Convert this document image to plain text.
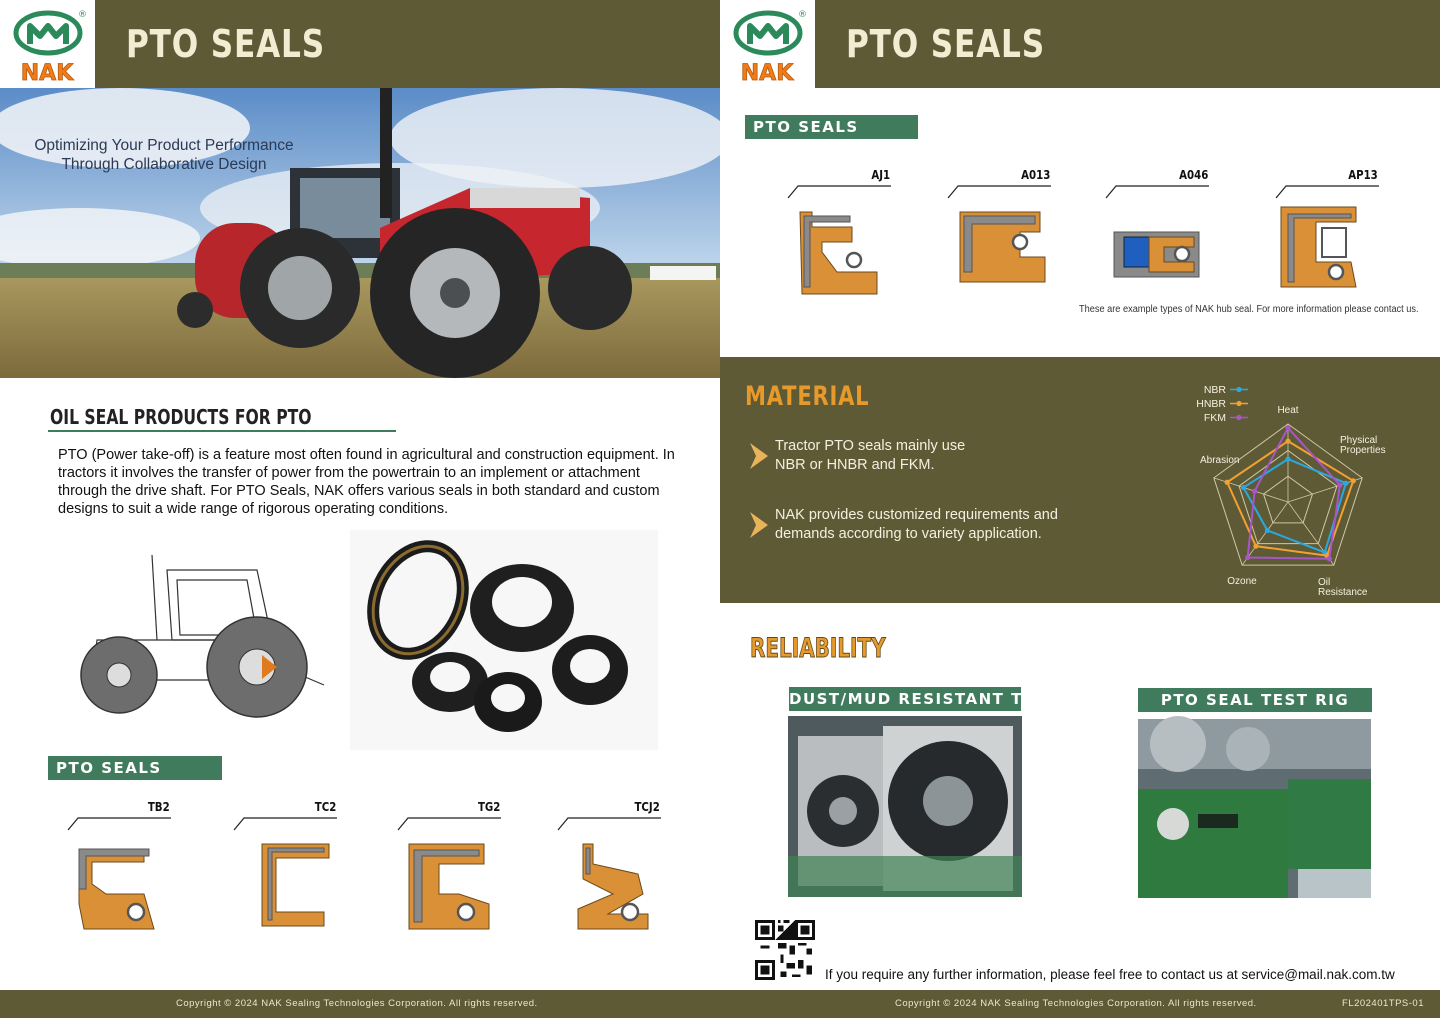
®
NAK
PTO SEALS
Optimizing Your Product Performance Through Collaborative Design
OIL SEAL PRODUCTS FOR PTO
PTO (Power take-off) is a feature most often found in agricultural and construction equipment. In tractors it involves the transfer of power from the powertrain to an implement or attachment through the drive shaft. For PTO Seals, NAK offers various seals in both standard and custom designs to suit a wide range of rigorous operating conditions.
PTO SEALS
TB2	TC2	TG2	TCJ2
Copyright © 2024 NAK Sealing Technologies Corporation. All rights reserved.
®
NAK
PTO SEALS
PTO SEALS
AJ1	A013	A046	AP13
These are example types of NAK hub seal. For more information please contact us.
MATERIAL
Tractor PTO seals mainly use NBR or HNBR and FKM.
NAK provides customized requirements and demands according to variety application.
Heat
Physical
Properties
Oil
Resistance
Ozone
Abrasion
NBR
HNBR
FKM
RELIABILITY
DUST/MUD RESISTANT TEST	PTO SEAL TEST RIG
If you require any further information, please feel free to contact us at service@mail.nak.com.tw
Copyright © 2024 NAK Sealing Technologies Corporation. All rights reserved.	FL202401TPS-01
